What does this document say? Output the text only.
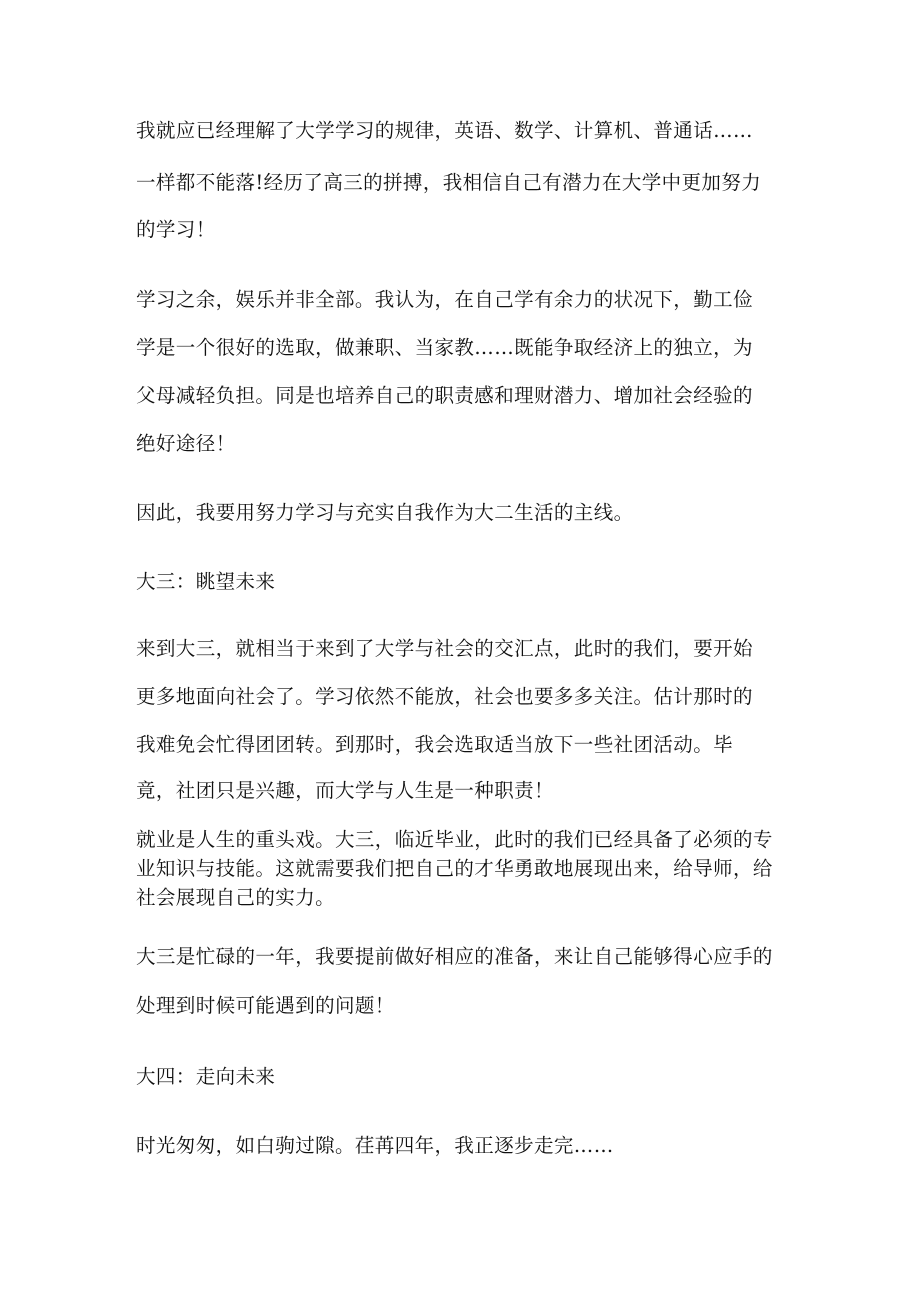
我就应已经理解了大学学习的规律，英语、数学、计算机、普通话……
一样都不能落!经历了高三的拼搏，我相信自己有潜力在大学中更加努力
的学习！
学习之余，娱乐并非全部。我认为，在自己学有余力的状况下，勤工俭
学是一个很好的选取，做兼职、当家教……既能争取经济上的独立，为
父母减轻负担。同是也培养自己的职责感和理财潜力、增加社会经验的
绝好途径！
因此，我要用努力学习与充实自我作为大二生活的主线。
大三：眺望未来
来到大三，就相当于来到了大学与社会的交汇点，此时的我们，要开始
更多地面向社会了。学习依然不能放，社会也要多多关注。估计那时的
我难免会忙得团团转。到那时，我会选取适当放下一些社团活动。毕
竟，社团只是兴趣，而大学与人生是一种职责！
就业是人生的重头戏。大三，临近毕业，此时的我们已经具备了必须的专
业知识与技能。这就需要我们把自己的才华勇敢地展现出来，给导师，给
社会展现自己的实力。
大三是忙碌的一年，我要提前做好相应的准备，来让自己能够得心应手的
处理到时候可能遇到的问题！
大四：走向未来
时光匆匆，如白驹过隙。荏苒四年，我正逐步走完……
